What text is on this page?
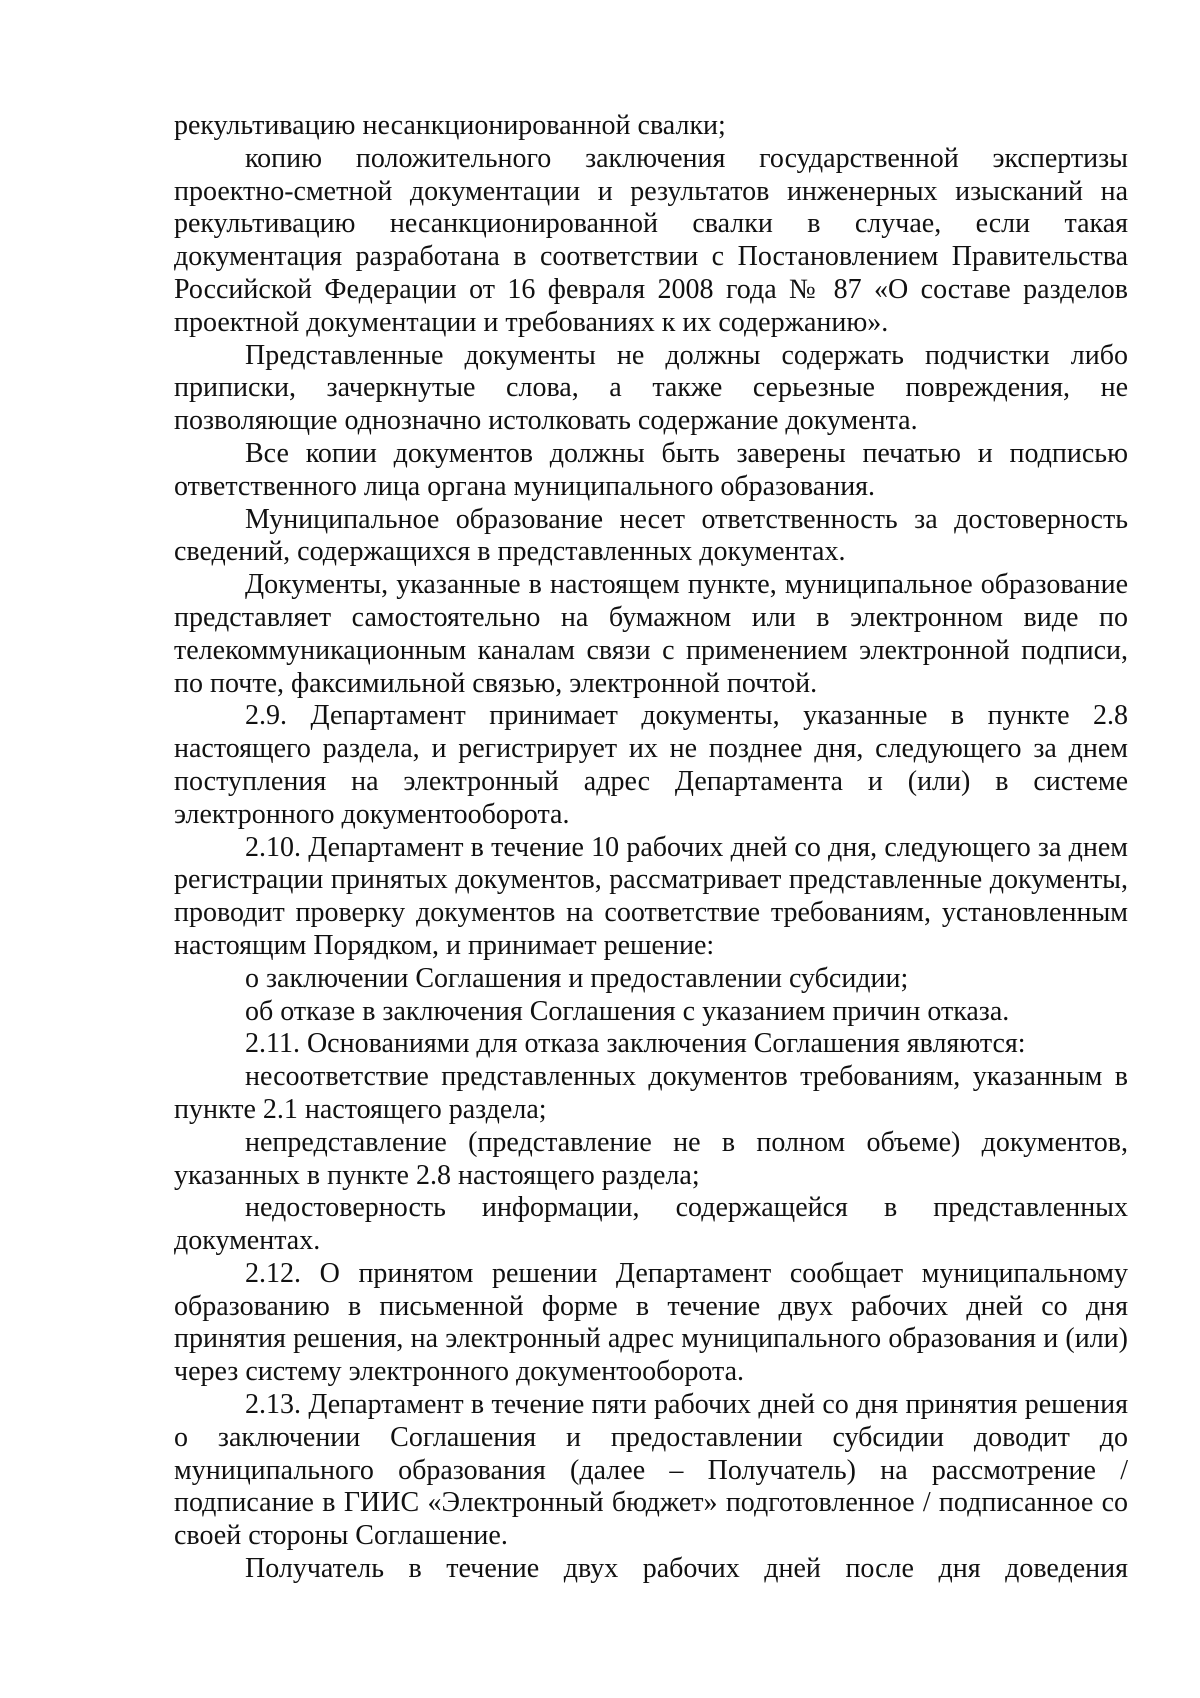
рекультивацию несанкционированной свалки;

копию положительного заключения государственной экспертизы проектно-сметной документации и результатов инженерных изысканий на рекультивацию несанкционированной свалки в случае, если такая документация разработана в соответствии с Постановлением Правительства Российской Федерации от 16 февраля 2008 года № 87 «О составе разделов проектной документации и требованиях к их содержанию».

Представленные документы не должны содержать подчистки либо приписки, зачеркнутые слова, а также серьезные повреждения, не позволяющие однозначно истолковать содержание документа.

Все копии документов должны быть заверены печатью и подписью ответственного лица органа муниципального образования.

Муниципальное образование несет ответственность за достоверность сведений, содержащихся в представленных документах.

Документы, указанные в настоящем пункте, муниципальное образование представляет самостоятельно на бумажном или в электронном виде по телекоммуникационным каналам связи с применением электронной подписи, по почте, факсимильной связью, электронной почтой.

2.9. Департамент принимает документы, указанные в пункте 2.8 настоящего раздела, и регистрирует их не позднее дня, следующего за днем поступления на электронный адрес Департамента и (или) в системе электронного документооборота.

2.10. Департамент в течение 10 рабочих дней со дня, следующего за днем регистрации принятых документов, рассматривает представленные документы, проводит проверку документов на соответствие требованиям, установленным настоящим Порядком, и принимает решение:

о заключении Соглашения и предоставлении субсидии;

об отказе в заключения Соглашения с указанием причин отказа.

2.11. Основаниями для отказа заключения Соглашения являются:

несоответствие представленных документов требованиям, указанным в пункте 2.1 настоящего раздела;

непредставление (представление не в полном объеме) документов, указанных в пункте 2.8 настоящего раздела;

недостоверность информации, содержащейся в представленных документах.

2.12. О принятом решении Департамент сообщает муниципальному образованию в письменной форме в течение двух рабочих дней со дня принятия решения, на электронный адрес муниципального образования и (или) через систему электронного документооборота.

2.13. Департамент в течение пяти рабочих дней со дня принятия решения о заключении Соглашения и предоставлении субсидии доводит до муниципального образования (далее – Получатель) на рассмотрение / подписание в ГИИС «Электронный бюджет» подготовленное / подписанное со своей стороны Соглашение.

Получатель в течение двух рабочих дней после дня доведения
